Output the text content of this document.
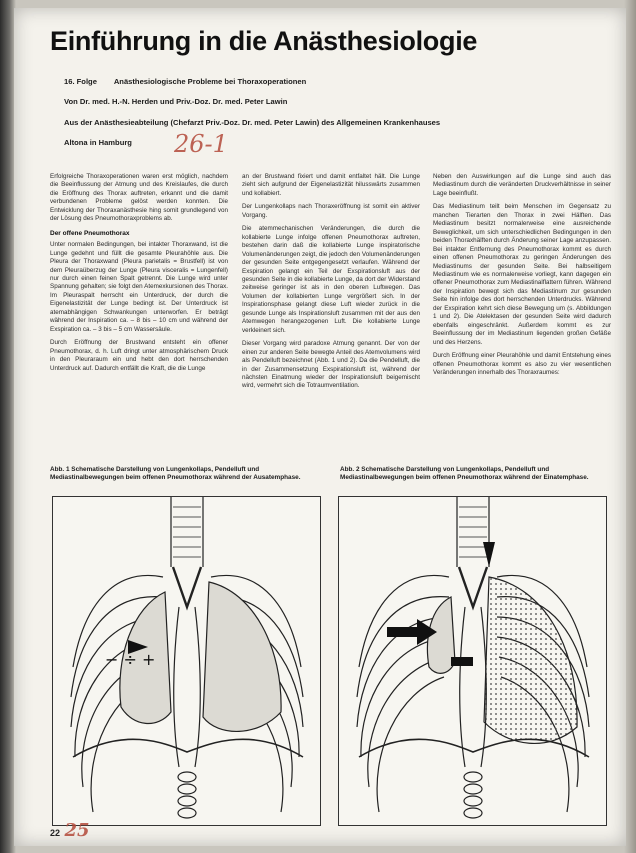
Einführung in die Anästhesiologie
16. Folge Anästhesiologische Probleme bei Thoraxoperationen
Von Dr. med. H.-N. Herden und Priv.-Doz. Dr. med. Peter Lawin
Aus der Anästhesieabteilung (Chefarzt Priv.-Doz. Dr. med. Peter Lawin) des Allgemeinen Krankenhauses
Altona in Hamburg 26-1

Erfolgreiche Thoraxoperationen waren erst möglich, nachdem die Beeinflussung der Atmung und des Kreislaufes, die durch die Eröffnung des Thorax auftreten, erkannt und die damit verbundenen Probleme gelöst werden konnten. Die Entwicklung der Thoraxanästhesie hing somit grundlegend von der Lösung des Pneumothoraxproblems ab.

Der offene Pneumothorax

Unter normalen Bedingungen, bei intakter Thoraxwand, ist die Lunge gedehnt und füllt die gesamte Pleurahöhle aus. Die Pleura der Thoraxwand (Pleura parietalis = Brustfell) ist von dem Pleuraüberzug der Lunge (Pleura visceralis = Lungenfell) nur durch einen feinen Spalt getrennt. Die Lunge wird unter Spannung gehalten; sie folgt den Atemexkursionen des Thorax. Im Pleuraspalt herrscht ein Unterdruck, der durch die Eigenelastizität der Lunge bedingt ist. Der Unterdruck ist atemabhängigen Schwankungen unterworfen. Er beträgt während der Inspiration ca. – 8 bis – 10 cm und während der Exspiration ca. – 3 bis – 5 cm Wassersäule.

Durch Eröffnung der Brustwand entsteht ein offener Pneumothorax, d. h. Luft dringt unter atmosphärischem Druck in den Pleuraraum ein und hebt den dort herrschenden Unterdruck auf. Dadurch entfällt die Kraft, die die Lunge

an der Brustwand fixiert und damit entfaltet hält. Die Lunge zieht sich aufgrund der Eigenelastizität hilusswärts zusammen und kollabiert.

Der Lungenkollaps nach Thoraxeröffnung ist somit ein aktiver Vorgang.

Die atemmechanischen Veränderungen, die durch die kollabierte Lunge infolge offenen Pneumothorax auftreten, bestehen darin daß die kollabierte Lunge inspiratorische Volumenänderungen zeigt, die jedoch den Volumenänderungen der gesunden Seite entgegengesetzt verlaufen. Während der Exspiration gelangt ein Teil der Exspirationsluft aus der gesunden Seite in die kollabierte Lunge, da dort der Widerstand zeitweise geringer ist als in den oberen Luftwegen. Das Volumen der kollabierten Lunge vergrößert sich. In der Inspirationsphase gelangt diese Luft wieder zurück in die gesunde Lunge als Inspirationsluft zusammen mit der aus den Atemwegen herangezogenen Luft. Die kollabierte Lunge verkleinert sich.

Dieser Vorgang wird paradoxe Atmung genannt. Der von der einen zur anderen Seite bewegte Anteil des Atemvolumens wird als Pendelluft bezeichnet (Abb. 1 und 2). Da die Pendelluft, die in der Zusammensetzung Exspirationsluft ist, während der nächsten Einatmung wieder der Inspirationsluft beigemischt wird, vermehrt sich die Totraumventilation.

Neben den Auswirkungen auf die Lunge sind auch das Mediastinum durch die veränderten Druckverhältnisse in seiner Lage beeinflußt.

Das Mediastinum teilt beim Menschen im Gegensatz zu manchen Tierarten den Thorax in zwei Hälften. Das Mediastinum besitzt normalerweise eine ausreichende Beweglichkeit, um sich unterschiedlichen Bedingungen in den beiden Thoraxhälften durch Änderung seiner Lage anzupassen. Bei intakter Entfernung des Pneumothorax kommt es durch einen offenen Pneumothorax zu geringen Änderungen des Mediastinums der gesunden Seite. Bei halbseitigem Mediastinum wie es normalerweise vorliegt, kann dagegen ein offener Pneumothorax zum Mediastinalflattern führen. Während der Inspiration bewegt sich das Mediastinum zur gesunden Seite hin infolge des dort herrschenden Unterdrucks. Während der Exspiration kehrt sich diese Bewegung um (s. Abbildungen 1 und 2). Die Atelektasen der gesunden Seite wird dadurch ebenfalls eingeschränkt. Außerdem kommt es zur Beeinflussung der im Mediastinum liegenden großen Gefäße und des Herzens.

Durch Eröffnung einer Pleurahöhle und damit Entstehung eines offenen Pneumothorax kommt es also zu vier wesentlichen Veränderungen innerhalb des Thoraxraumes:

Abb. 1 Schematische Darstellung von Lungenkollaps, Pendelluft und Mediastinalbewegungen beim offenen Pneumothorax während der Ausatemphase.
Abb. 2 Schematische Darstellung von Lungenkollaps, Pendelluft und Mediastinalbewegungen beim offenen Pneumothorax während der Einatemphase.
− ÷ +
22 25
